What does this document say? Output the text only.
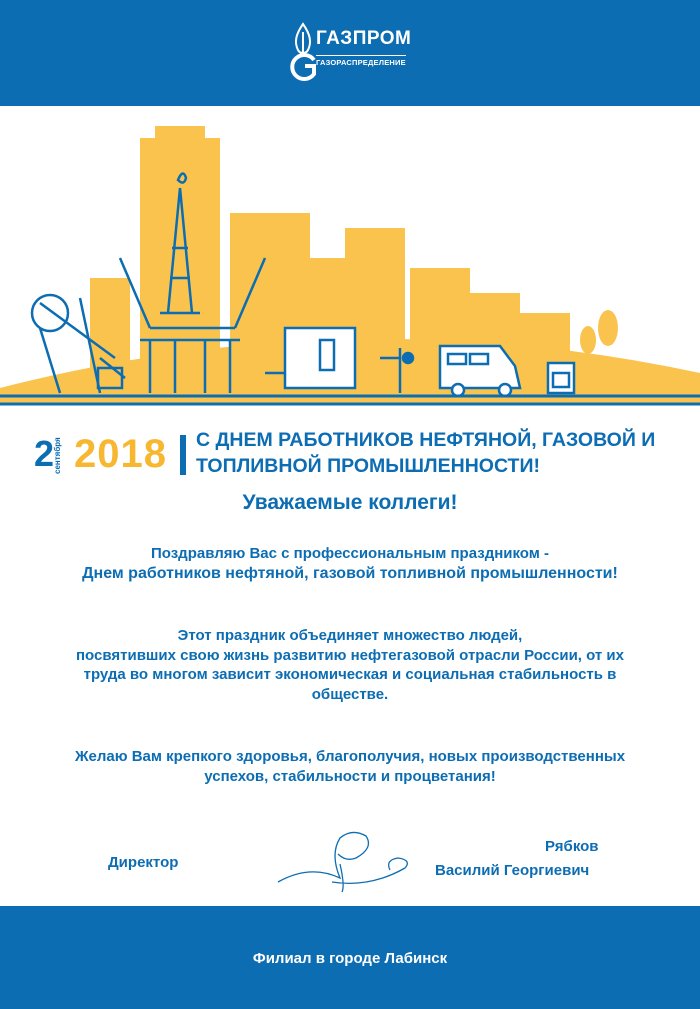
ГАЗПРОМ
ГАЗОРАСПРЕДЕЛЕНИЕ
2
сентября 2018 С ДНЕМ РАБОТНИКОВ НЕФТЯНОЙ, ГАЗОВОЙ И
ТОПЛИВНОЙ ПРОМЫШЛЕННОСТИ!
Уважаемые коллеги!
Поздравляю Вас с профессиональным праздником -
Днем работников нефтяной, газовой топливной промышленности!
Этот праздник объединяет множество людей,
посвятивших свою жизнь развитию нефтегазовой отрасли России, от их
труда во многом зависит экономическая и социальная стабильность в
обществе.
Желаю Вам крепкого здоровья, благополучия, новых производственных
успехов, стабильности и процветания!
Директор
Рябков
Василий Георгиевич
Филиал в городе Лабинск
